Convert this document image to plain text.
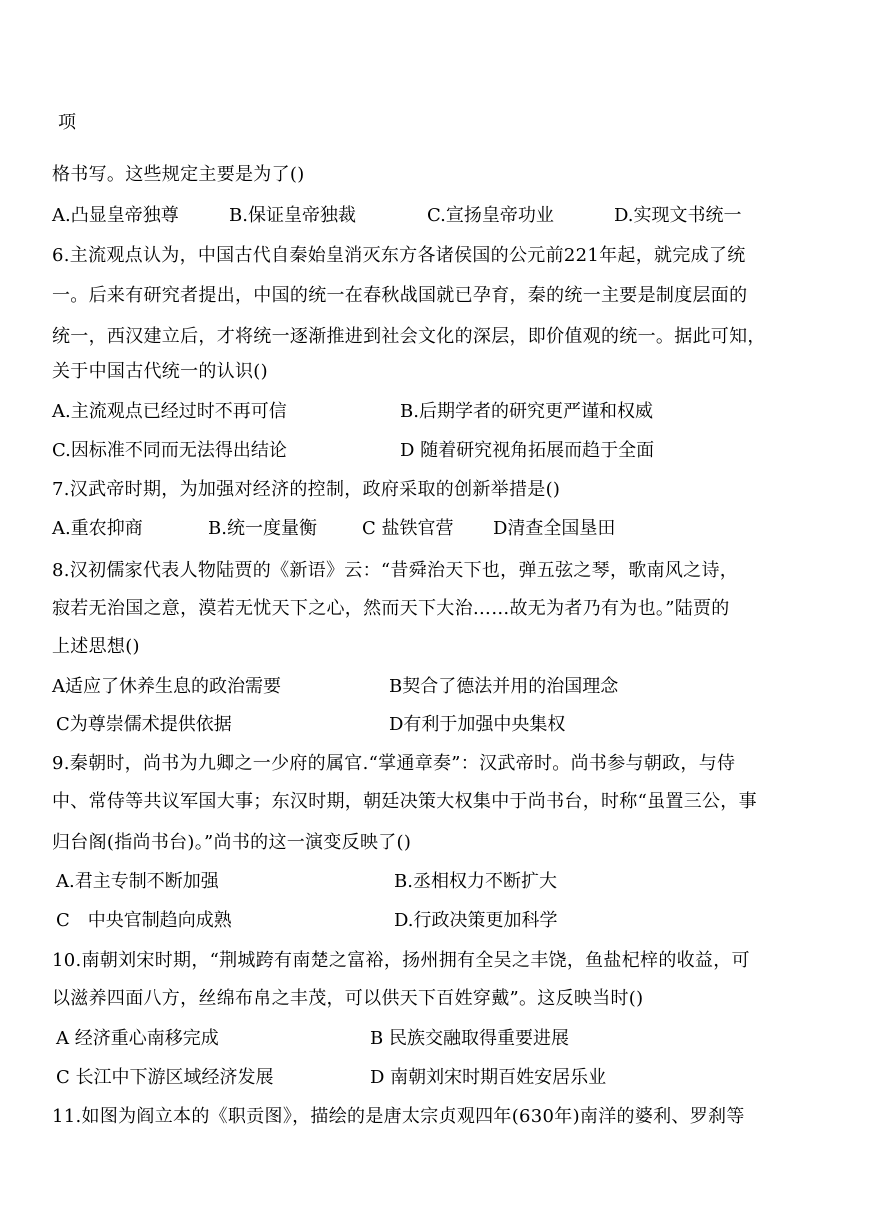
项
格书写。这些规定主要是为了()
A.凸显皇帝独尊	B.保证皇帝独裁	C.宣扬皇帝功业	D.实现文书统一
6.主流观点认为，中国古代自秦始皇消灭东方各诸侯国的公元前221年起，就完成了统
一。后来有研究者提出，中国的统一在春秋战国就已孕育，秦的统一主要是制度层面的
统一，西汉建立后，才将统一逐渐推进到社会文化的深层，即价值观的统一。据此可知，
关于中国古代统一的认识()
A.主流观点已经过时不再可信	B.后期学者的研究更严谨和权威
C.因标准不同而无法得出结论	D 随着研究视角拓展而趋于全面
7.汉武帝时期，为加强对经济的控制，政府采取的创新举措是()
A.重农抑商	B.统一度量衡	C 盐铁官营 D清查全国垦田
8.汉初儒家代表人物陆贾的《新语》云：“昔舜治天下也，弹五弦之琴，歌南风之诗，
寂若无治国之意，漠若无忧天下之心，然而天下大治……故无为者乃有为也。”陆贾的
上述思想()
A适应了休养生息的政治需要	B契合了德法并用的治国理念
C为尊崇儒术提供依据	D有利于加强中央集权
9.秦朝时，尚书为九卿之一少府的属官.“掌通章奏”：汉武帝时。尚书参与朝政，与侍
中、常侍等共议军国大事；东汉时期，朝廷决策大权集中于尚书台，时称“虽置三公，事
归台阁(指尚书台)。”尚书的这一演变反映了()
A.君主专制不断加强	B.丞相权力不断扩大
C　中央官制趋向成熟	D.行政决策更加科学
10.南朝刘宋时期，“荆城跨有南楚之富裕，扬州拥有全吴之丰饶，鱼盐杞梓的收益，可
以滋养四面八方，丝绵布帛之丰茂，可以供天下百姓穿戴”。这反映当时()
A 经济重心南移完成	B 民族交融取得重要进展
C 长江中下游区域经济发展	D 南朝刘宋时期百姓安居乐业
11.如图为阎立本的《职贡图》，描绘的是唐太宗贞观四年(630年)南洋的婆利、罗刹等
